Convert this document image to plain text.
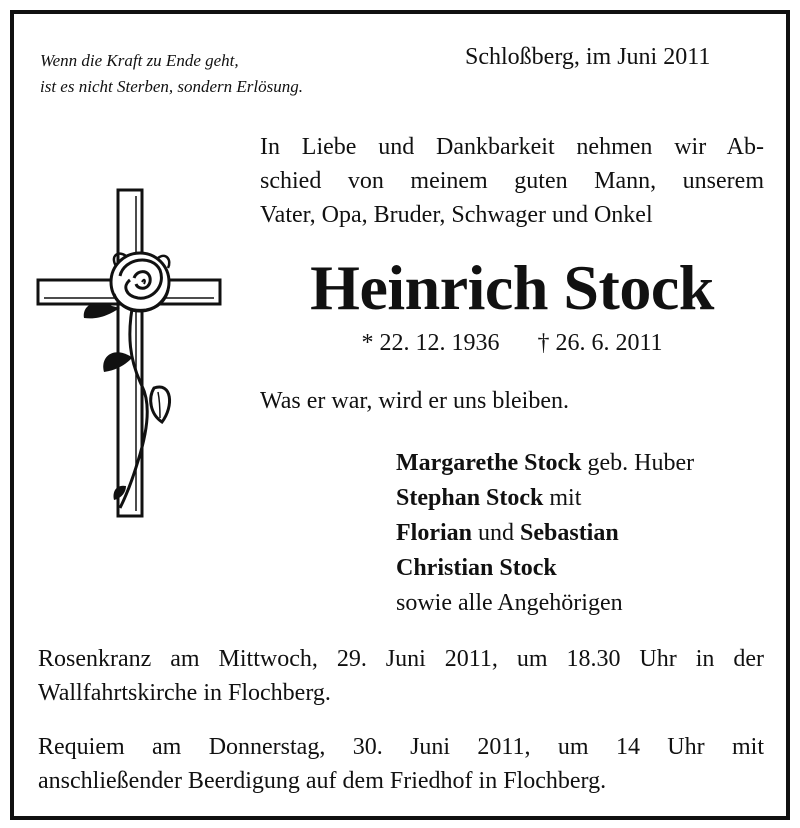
Wenn die Kraft zu Ende geht,
ist es nicht Sterben, sondern Erlösung.
Schloßberg, im Juni 2011
In Liebe und Dankbarkeit nehmen wir Ab-
schied von meinem guten Mann, unserem
Vater, Opa, Bruder, Schwager und Onkel
Heinrich Stock
* 22. 12. 1936 † 26. 6. 2011
Was er war, wird er uns bleiben.
Margarethe Stock geb. Huber
Stephan Stock mit
Florian und Sebastian
Christian Stock
sowie alle Angehörigen
Rosenkranz am Mittwoch, 29. Juni 2011, um 18.30 Uhr in der
Wallfahrtskirche in Flochberg.
Requiem am Donnerstag, 30. Juni 2011, um 14 Uhr mit
anschließender Beerdigung auf dem Friedhof in Flochberg.
